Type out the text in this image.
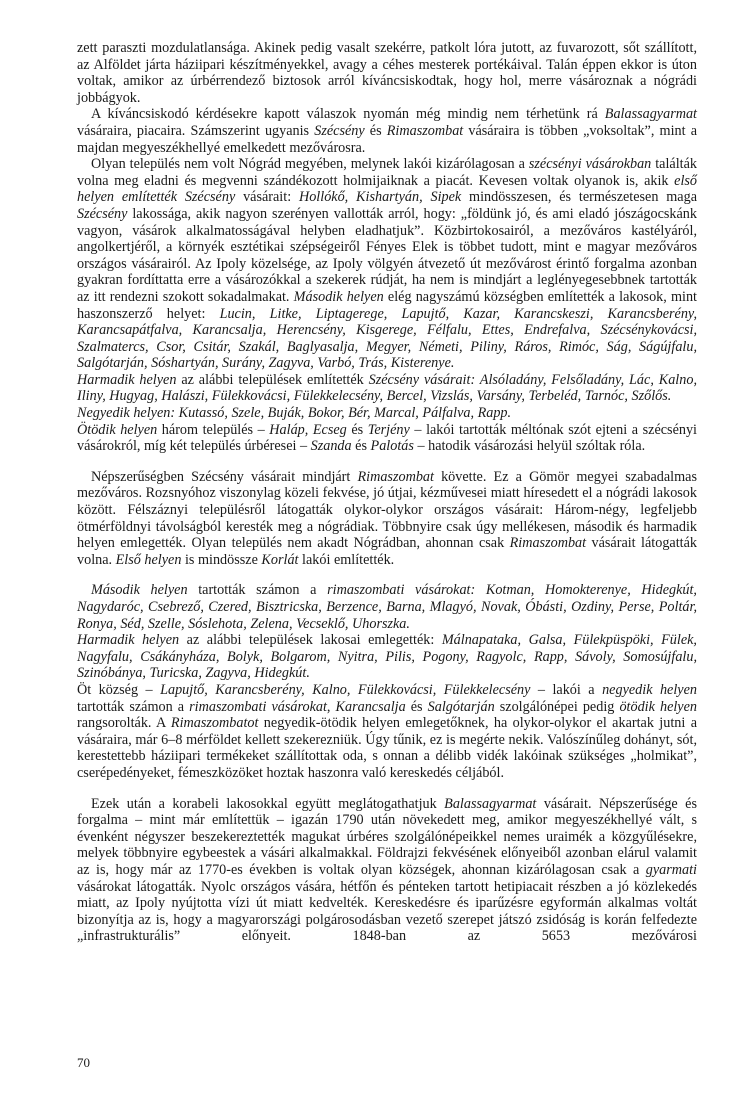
zett paraszti mozdulatlansága. Akinek pedig vasalt szekérre, patkolt lóra jutott, az fuvarozott, sőt szállított, az Alföldet járta háziipari készítményekkel, avagy a céhes mesterek portékáival. Talán éppen ekkor is úton voltak, amikor az úrbérrendező biztosok arról kíváncsiskodtak, hogy hol, merre vásároznak a nógrádi jobbágyok.

A kíváncsiskodó kérdésekre kapott válaszok nyomán még mindig nem térhetünk rá Balassagyarmat vásáraira, piacaira. Számszerint ugyanis Szécsény és Rimaszombat vásáraira is többen „voksoltak”, mint a majdan megyeszékhellyé emelkedett mezővárosra.

Olyan település nem volt Nógrád megyében, melynek lakói kizárólagosan a szécsényi vásárokban találták volna meg eladni és megvenni szándékozott holmijaiknak a piacát. Kevesen voltak olyanok is, akik első helyen említették Szécsény vásárait: Hollókő, Kishartyán, Sipek mindösszesen, és természetesen maga Szécsény lakossága, akik nagyon szerényen vallották arról, hogy: „földünk jó, és ami eladó jószágocskánk vagyon, vásárok alkalmatosságával helyben eladhatjuk”. Közbirtokosairól, a mezőváros kastélyáról, angolkertjéről, a környék esztétikai szépségeiről Fényes Elek is többet tudott, mint e magyar mezőváros országos vásárairól. Az Ipoly közelsége, az Ipoly völgyén átvezető út mezővárost érintő forgalma azonban gyakran fordíttatta erre a vásározókkal a szekerek rúdját, ha nem is mindjárt a leglényegesebbnek tartották az itt rendezni szokott sokadalmakat. Második helyen elég nagyszámú községben említették a lakosok, mint haszonszerző helyet: Lucin, Litke, Liptagerege, Lapujtő, Kazar, Karancskeszi, Karancsberény, Karancsapátfalva, Karancsalja, Herencsény, Kisgerege, Félfalu, Ettes, Endrefalva, Szécsénykovácsi, Szalmatercs, Csor, Csitár, Szakál, Baglyasalja, Megyer, Németi, Piliny, Ráros, Rimóc, Ság, Ságújfalu, Salgótarján, Sóshartyán, Surány, Zagyva, Varbó, Trás, Kisterenye.

Harmadik helyen az alábbi települések említették Szécsény vásárait: Alsóladány, Felsőladány, Lác, Kalno, Iliny, Hugyag, Halászi, Fülekkovácsi, Fülekkelecsény, Bercel, Vizslás, Varsány, Terbeléd, Tarnóc, Szőlős.

Negyedik helyen: Kutassó, Szele, Buják, Bokor, Bér, Marcal, Pálfalva, Rapp.

Ötödik helyen három település – Haláp, Ecseg és Terjény – lakói tartották méltónak szót ejteni a szécsényi vásárokról, míg két település úrbéresei – Szanda és Palotás – hatodik vásározási helyül szóltak róla.

Népszerűségben Szécsény vásárait mindjárt Rimaszombat követte. Ez a Gömör megyei szabadalmas mezőváros. Rozsnyóhoz viszonylag közeli fekvése, jó útjai, kézművesei miatt híresedett el a nógrádi lakosok között. Félszáznyi településről látogatták olykor-olykor országos vásárait: Három-négy, legfeljebb ötmérföldnyi távolságból keresték meg a nógrádiak. Többnyire csak úgy mellékesen, második és harmadik helyen emlegették. Olyan település nem akadt Nógrádban, ahonnan csak Rimaszombat vásárait látogatták volna. Első helyen is mindössze Korlát lakói említették.

Második helyen tartották számon a rimaszombati vásárokat: Kotman, Homokterenye, Hidegkút, Nagydaróc, Csebrező, Czered, Bisztricska, Berzence, Barna, Mlagyó, Novak, Óbásti, Ozdiny, Perse, Poltár, Ronya, Séd, Szelle, Sóslehota, Zelena, Vecseklő, Uhorszka.

Harmadik helyen az alábbi települések lakosai emlegették: Málnapataka, Galsa, Fülekpüspöki, Fülek, Nagyfalu, Csákányháza, Bolyk, Bolgarom, Nyitra, Pilis, Pogony, Ragyolc, Rapp, Sávoly, Somosújfalu, Szinóbánya, Turicska, Zagyva, Hidegkút.

Öt község – Lapujtő, Karancsberény, Kalno, Fülekkovácsi, Fülekkelecsény – lakói a negyedik helyen tartották számon a rimaszombati vásárokat, Karancsalja és Salgótarján szolgálónépei pedig ötödik helyen rangsorolták. A Rimaszombatot negyedik-ötödik helyen emlegetőknek, ha olykor-olykor el akartak jutni a vásáraira, már 6–8 mérföldet kellett szekerezniük. Úgy tűnik, ez is megérte nekik. Valószínűleg dohányt, sót, kerestettebb háziipari termékeket szállítottak oda, s onnan a délibb vidék lakóinak szükséges „holmikat”, cserépedényeket, fémeszközöket hoztak haszonra való kereskedés céljából.

Ezek után a korabeli lakosokkal együtt meglátogathatjuk Balassagyarmat vásárait. Népszerűsége és forgalma – mint már említettük – igazán 1790 után növekedett meg, amikor megyeszékhellyé vált, s évenként négyszer beszekereztették magukat úrbéres szolgálónépeikkel nemes uraimék a közgyűlésekre, melyek többnyire egybeestek a vásári alkalmakkal. Földrajzi fekvésének előnyeiből azonban elárul valamit az is, hogy már az 1770-es években is voltak olyan községek, ahonnan kizárólagosan csak a gyarmati vásárokat látogatták. Nyolc országos vására, hétfőn és pénteken tartott hetipiacait részben a jó közlekedés miatt, az Ipoly nyújtotta vízi út miatt kedvelték. Kereskedésre és iparűzésre egyformán alkalmas voltát bizonyítja az is, hogy a magyarországi polgárosodásban vezető szerepet játszó zsidóság is korán felfedezte „infrastrukturális” előnyeit. 1848-ban az 5653 mezővárosi

70
